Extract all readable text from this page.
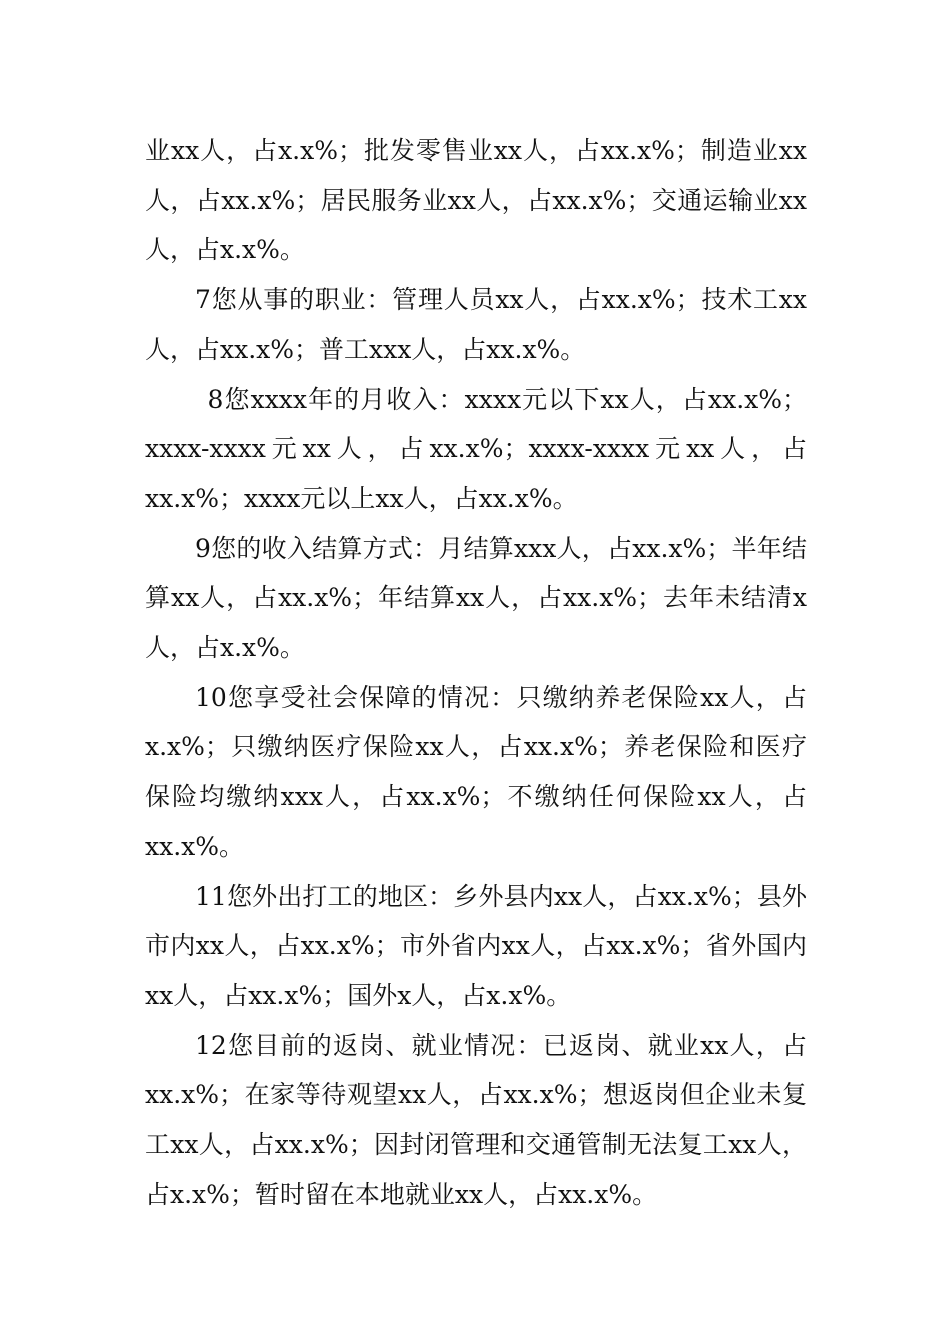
业xx人，占x.x%；批发零售业xx人，占xx.x%；制造业xx人，占xx.x%；居民服务业xx人，占xx.x%；交通运输业xx人，占x.x%。

7您从事的职业：管理人员xx人，占xx.x%；技术工xx人，占xx.x%；普工xxx人，占xx.x%。

8您xxxx年的月收入：xxxx元以下xx人，占xx.x%；xxxx-xxxx元xx人，占xx.x%；xxxx-xxxx元xx人，占xx.x%；xxxx元以上xx人，占xx.x%。

9您的收入结算方式：月结算xxx人，占xx.x%；半年结算xx人，占xx.x%；年结算xx人，占xx.x%；去年未结清x人，占x.x%。

10您享受社会保障的情况：只缴纳养老保险xx人，占x.x%；只缴纳医疗保险xx人，占xx.x%；养老保险和医疗保险均缴纳xxx人，占xx.x%；不缴纳任何保险xx人，占xx.x%。

11您外出打工的地区：乡外县内xx人，占xx.x%；县外市内xx人，占xx.x%；市外省内xx人，占xx.x%；省外国内xx人，占xx.x%；国外x人，占x.x%。

12您目前的返岗、就业情况：已返岗、就业xx人，占xx.x%；在家等待观望xx人，占xx.x%；想返岗但企业未复工xx人，占xx.x%；因封闭管理和交通管制无法复工xx人，占x.x%；暂时留在本地就业xx人，占xx.x%。
